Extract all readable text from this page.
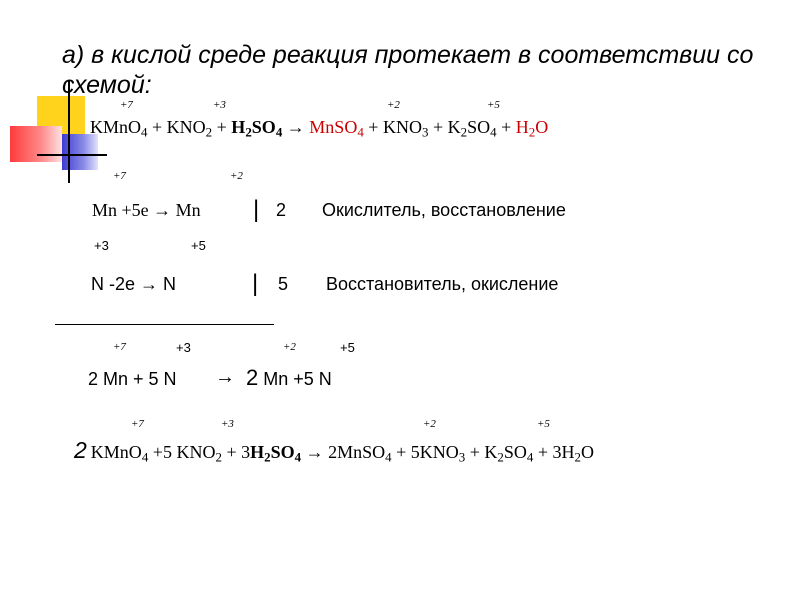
а) в кислой среде реакция протекает в соответствии со схемой:
+7	+3	+2	+5
KMnO$_4$ + $KNO_2 + H_2SO_4$ → MnSO$_4$ + $KNO_3 + K_2SO_4 + H_2O$
+7	+2
Mn +5e → Mn | 2 Окислитель, восстановление
+3	+5
N -2e → N	| 5 Восстановитель, окисление
+7	+3	+2	+5
2 Mn + 5 N → 2 Mn +5 N
+7	+3	+2	+5
2 KMnO$_4$ +5 $KNO_2 + 3H_2SO_4$ → 2MnSO$_4$ + $5KNO_3 + K_2SO_4 + 3H_2O$
